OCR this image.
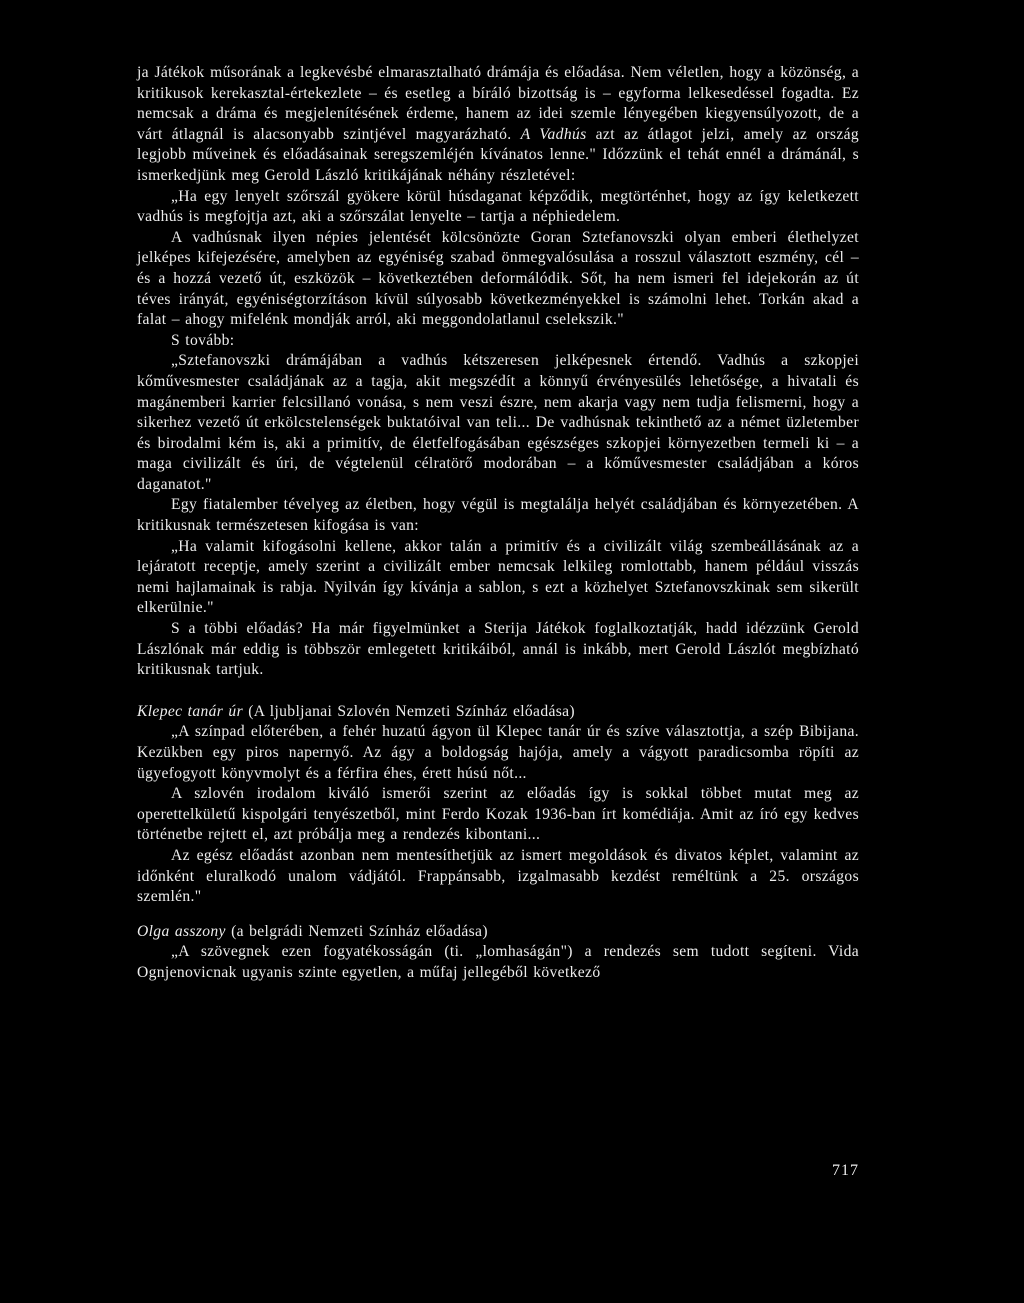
ja Játékok műsorának a legkevésbé elmarasztalható drámája és előadása. Nem véletlen, hogy a közönség, a kritikusok kerekasztal-értekezlete – és esetleg a bíráló bizottság is – egyforma lelkesedéssel fogadta. Ez nemcsak a dráma és megjelenítésének érdeme, hanem az idei szemle lényegében kiegyensúlyozott, de a várt átlagnál is alacsonyabb szintjével magyarázható. A Vadhús azt az átlagot jelzi, amely az ország legjobb műveinek és előadásainak seregszemléjén kívánatos lenne." Időzzünk el tehát ennél a drámánál, s ismerkedjünk meg Gerold László kritikájának néhány részletével:

„Ha egy lenyelt szőrszál gyökere körül húsdaganat képződik, megtörténhet, hogy az így keletkezett vadhús is megfojtja azt, aki a szőrszálat lenyelte – tartja a néphiedelem.

A vadhúsnak ilyen népies jelentését kölcsönözte Goran Sztefanovszki olyan emberi élethelyzet jelképes kifejezésére, amelyben az egyéniség szabad önmegvalósulása a rosszul választott eszmény, cél – és a hozzá vezető út, eszközök – következtében deformálódik. Sőt, ha nem ismeri fel idejekorán az út téves irányát, egyéniségtorzításon kívül súlyosabb következményekkel is számolni lehet. Torkán akad a falat – ahogy mifelénk mondják arról, aki meggondolatlanul cselekszik."

S tovább:

„Sztefanovszki drámájában a vadhús kétszeresen jelképesnek értendő. Vadhús a szkopjei kőművesmester családjának az a tagja, akit megszédít a könnyű érvényesülés lehetősége, a hivatali és magánemberi karrier felcsillanó vonása, s nem veszi észre, nem akarja vagy nem tudja felismerni, hogy a sikerhez vezető út erkölcstelenségek buktatóival van teli... De vadhúsnak tekinthető az a német üzletember és birodalmi kém is, aki a primitív, de életfelfogásában egészséges szkopjei környezetben termeli ki – a maga civilizált és úri, de végtelenül célratörő modorában – a kőművesmester családjában a kóros daganatot."

Egy fiatalember tévelyeg az életben, hogy végül is megtalálja helyét családjában és környezetében. A kritikusnak természetesen kifogása is van:

„Ha valamit kifogásolni kellene, akkor talán a primitív és a civilizált világ szembeállásának az a lejáratott receptje, amely szerint a civilizált ember nemcsak lelkileg romlottabb, hanem például visszás nemi hajlamainak is rabja. Nyilván így kívánja a sablon, s ezt a közhelyet Sztefanovszkinak sem sikerült elkerülnie."

S a többi előadás? Ha már figyelmünket a Sterija Játékok foglalkoztatják, hadd idézzünk Gerold Lászlónak már eddig is többször emlegetett kritikáiból, annál is inkább, mert Gerold Lászlót megbízható kritikusnak tartjuk.

Klepec tanár úr (A ljubljanai Szlovén Nemzeti Színház előadása)

„A színpad előterében, a fehér huzatú ágyon ül Klepec tanár úr és szíve választottja, a szép Bibijana. Kezükben egy piros napernyő. Az ágy a boldogság hajója, amely a vágyott paradicsomba röpíti az ügyefogyott könyvmolyt és a férfira éhes, érett húsú nőt...

A szlovén irodalom kiváló ismerői szerint az előadás így is sokkal többet mutat meg az operettelkületű kispolgári tenyészetből, mint Ferdo Kozak 1936-ban írt komédiája. Amit az író egy kedves történetbe rejtett el, azt próbálja meg a rendezés kibontani...

Az egész előadást azonban nem mentesíthetjük az ismert megoldások és divatos képlet, valamint az időnként eluralkodó unalom vádjától. Frappánsabb, izgalmasabb kezdést reméltünk a 25. országos szemlén."

Olga asszony (a belgrádi Nemzeti Színház előadása)

„A szövegnek ezen fogyatékosságán (ti. „lomhaságán") a rendezés sem tudott segíteni. Vida Ognjenovicnak ugyanis szinte egyetlen, a műfaj jellegéből következő

717
